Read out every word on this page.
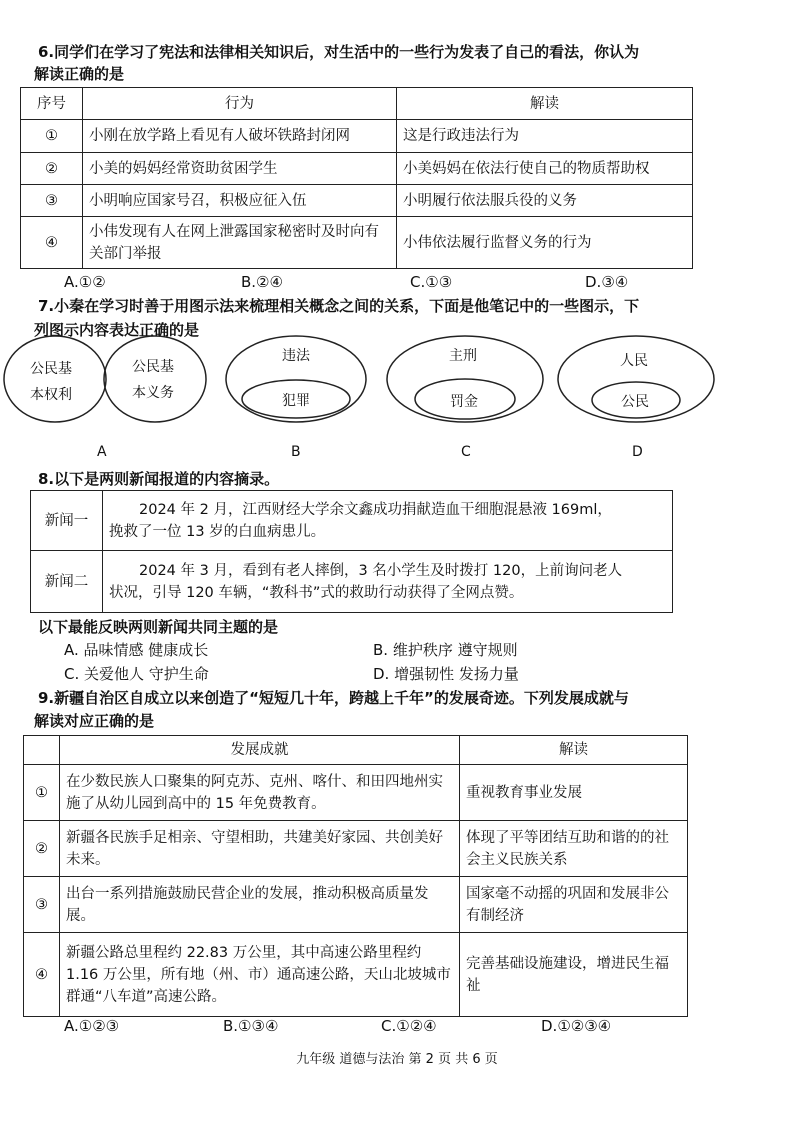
6.同学们在学习了宪法和法律相关知识后，对生活中的一些行为发表了自己的看法，你认为
解读正确的是
序号	行为	解读
①	小刚在放学路上看见有人破坏铁路封闭网	这是行政违法行为
②	小美的妈妈经常资助贫困学生	小美妈妈在依法行使自己的物质帮助权
③	小明响应国家号召，积极应征入伍	小明履行依法服兵役的义务
④	小伟发现有人在网上泄露国家秘密时及时向有关部门举报	小伟依法履行监督义务的行为
A.①②	B.②④	C.①③	D.③④
7.小秦在学习时善于用图示法来梳理相关概念之间的关系，下面是他笔记中的一些图示，下
列图示内容表达正确的是
公民基
本权利
公民基
本义务
A
违法
犯罪
B
主刑
罚金
C
人民
公民
D
8.以下是两则新闻报道的内容摘录。
新闻一	2024 年 2 月，江西财经大学余文鑫成功捐献造血干细胞混悬液 169ml，
挽救了一位 13 岁的白血病患儿。

新闻二	2024 年 3 月，看到有老人摔倒，3 名小学生及时拨打 120，上前询问老人
状况，引导 120 车辆，“教科书”式的救助行动获得了全网点赞。
以下最能反映两则新闻共同主题的是
A. 品味情感 健康成长	B. 维护秩序 遵守规则
C. 关爱他人 守护生命	D. 增强韧性 发扬力量
9.新疆自治区自成立以来创造了“短短几十年，跨越上千年”的发展奇迹。下列发展成就与
解读对应正确的是
	发展成就	解读
①	在少数民族人口聚集的阿克苏、克州、喀什、和田四地州实施了从幼儿园到高中的 15 年免费教育。	重视教育事业发展
②	新疆各民族手足相亲、守望相助，共建美好家园、共创美好未来。	体现了平等团结互助和谐的的社会主义民族关系
③	出台一系列措施鼓励民营企业的发展，推动积极高质量发展。	国家毫不动摇的巩固和发展非公有制经济
④	新疆公路总里程约 22.83 万公里，其中高速公路里程约 1.16 万公里，所有地（州、市）通高速公路，天山北坡城市群通“八车道”高速公路。	完善基础设施建设，增进民生福祉
A.①②③	B.①③④	C.①②④	D.①②③④
九年级 道德与法治 第 2 页 共 6 页
